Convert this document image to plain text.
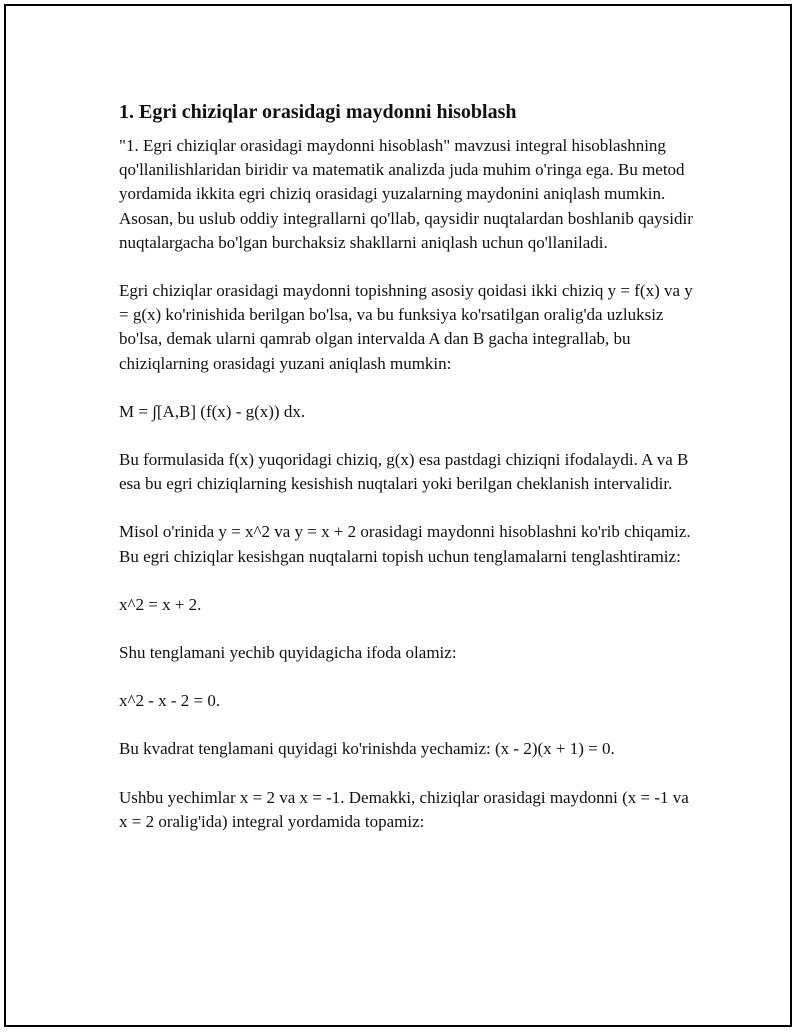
1. Egri chiziqlar orasidagi maydonni hisoblash

"1. Egri chiziqlar orasidagi maydonni hisoblash" mavzusi integral hisoblashning qo'llanilishlaridan biridir va matematik analizda juda muhim o'ringa ega. Bu metod yordamida ikkita egri chiziq orasidagi yuzalarning maydonini aniqlash mumkin. Asosan, bu uslub oddiy integrallarni qo'llab, qaysidir nuqtalardan boshlanib qaysidir nuqtalargacha bo'lgan burchaksiz shakllarni aniqlash uchun qo'llaniladi.

Egri chiziqlar orasidagi maydonni topishning asosiy qoidasi ikki chiziq y = f(x) va y = g(x) ko'rinishida berilgan bo'lsa, va bu funksiya ko'rsatilgan oralig'da uzluksiz bo'lsa, demak ularni qamrab olgan intervalda A dan B gacha integrallab, bu chiziqlarning orasidagi yuzani aniqlash mumkin:

M = ∫[A,B] (f(x) - g(x)) dx.

Bu formulasida f(x) yuqoridagi chiziq, g(x) esa pastdagi chiziqni ifodalaydi. A va B esa bu egri chiziqlarning kesishish nuqtalari yoki berilgan cheklanish intervalidir.

Misol o'rinida y = x^2 va y = x + 2 orasidagi maydonni hisoblashni ko'rib chiqamiz. Bu egri chiziqlar kesishgan nuqtalarni topish uchun tenglamalarni tenglashtiramiz:

x^2 = x + 2.

Shu tenglamani yechib quyidagicha ifoda olamiz:

x^2 - x - 2 = 0.

Bu kvadrat tenglamani quyidagi ko'rinishda yechamiz: (x - 2)(x + 1) = 0.

Ushbu yechimlar x = 2 va x = -1. Demakki, chiziqlar orasidagi maydonni (x = -1 va x = 2 oralig'ida) integral yordamida topamiz:
